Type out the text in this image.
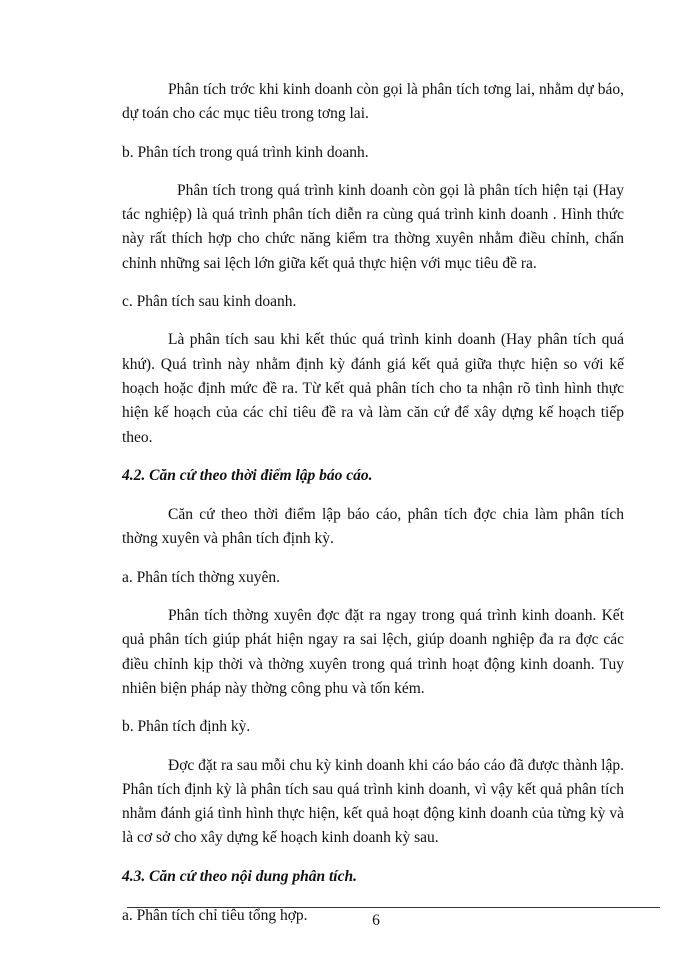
Phân tích trớc khi kinh doanh còn gọi là phân tích tơng lai, nhằm dự báo, dự toán cho các mục tiêu trong tơng lai.

b. Phân tích trong quá trình kinh doanh.

Phân tích trong quá trình kinh doanh còn gọi là phân tích hiện tại (Hay tác nghiệp) là quá trình phân tích diễn ra cùng quá trình kinh doanh . Hình thức này rất thích hợp cho chức năng kiểm tra thờng xuyên nhằm điều chỉnh, chấn chỉnh những sai lệch lớn giữa kết quả thực hiện với mục tiêu đề ra.

c. Phân tích sau kinh doanh.

Là phân tích sau khi kết thúc quá trình kinh doanh (Hay phân tích quá khứ). Quá trình này nhằm định kỳ đánh giá kết quả giữa thực hiện so với kế hoạch hoặc định mức đề ra. Từ kết quả phân tích cho ta nhận rõ tình hình thực hiện kế hoạch của các chỉ tiêu đề ra và làm căn cứ để xây dựng kế hoạch tiếp theo.

4.2. Căn cứ theo thời điểm lập báo cáo.

Căn cứ theo thời điểm lập báo cáo, phân tích đợc chia làm phân tích thờng xuyên và phân tích định kỳ.

a. Phân tích thờng xuyên.

Phân tích thờng xuyên đợc đặt ra ngay trong quá trình kinh doanh. Kết quả phân tích giúp phát hiện ngay ra sai lệch, giúp doanh nghiệp đa ra đợc các điều chỉnh kịp thời và thờng xuyên trong quá trình hoạt động kinh doanh. Tuy nhiên biện pháp này thờng công phu và tốn kém.

b. Phân tích định kỳ.

Đợc đặt ra sau mỗi chu kỳ kinh doanh khi cáo báo cáo đã được thành lập. Phân tích định kỳ là phân tích sau quá trình kinh doanh, vì vậy kết quả phân tích nhằm đánh giá tình hình thực hiện, kết quả hoạt động kinh doanh của từng kỳ và là cơ sở cho xây dựng kế hoạch kinh doanh kỳ sau.

4.3. Căn cứ theo nội dung phân tích.

a. Phân tích chỉ tiêu tổng hợp.	6
